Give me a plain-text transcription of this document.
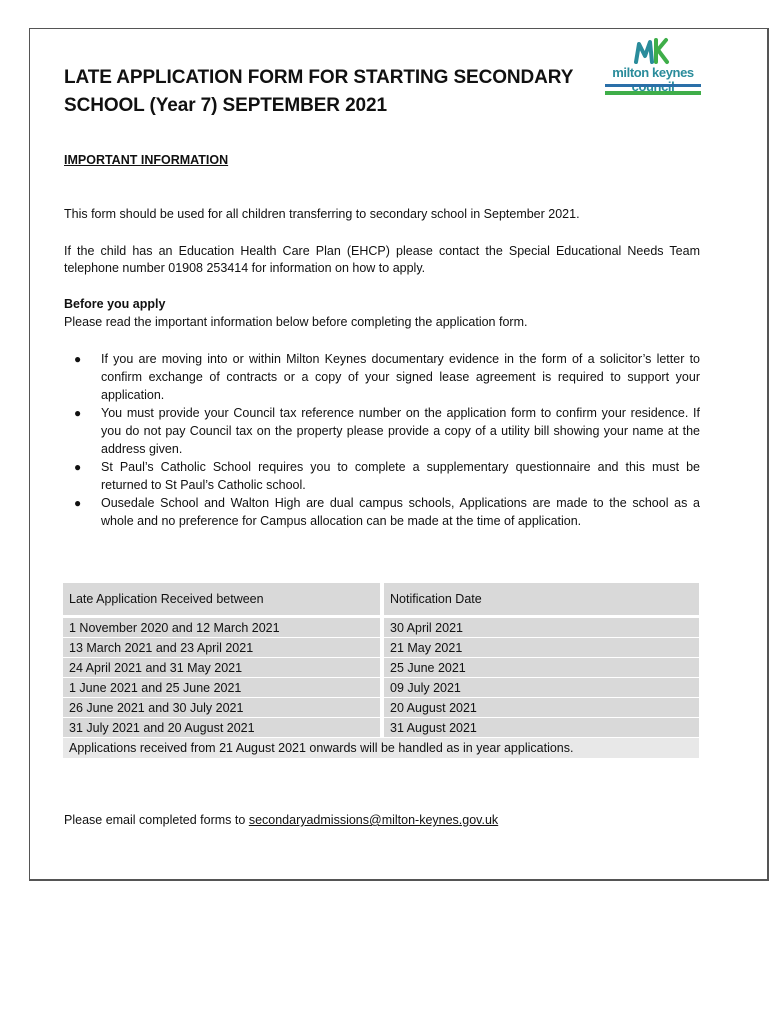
LATE APPLICATION FORM FOR STARTING SECONDARY
SCHOOL (Year 7) SEPTEMBER 2021
milton keynes

IMPORTANT INFORMATION

This form should be used for all children transferring to secondary school in September 2021.

If the child has an Education Health Care Plan (EHCP) please contact the Special Educational Needs Team telephone number 01908 253414 for information on how to apply.

Before you apply

Please read the important information below before completing the application form.

● If you are moving into or within Milton Keynes documentary evidence in the form of a solicitor’s letter to confirm exchange of contracts or a copy of your signed lease agreement is required to support your application.
● You must provide your Council tax reference number on the application form to confirm your residence. If you do not pay Council tax on the property please provide a copy of a utility bill showing your name at the address given.
● St Paul’s Catholic School requires you to complete a supplementary questionnaire and this must be returned to St Paul’s Catholic school.
● Ousedale School and Walton High are dual campus schools, Applications are made to the school as a whole and no preference for Campus allocation can be made at the time of application.
Late Application Received between		Notification Date

1 November 2020 and 12 March 2021		30 April 2021
13 March 2021 and 23 April 2021		21 May 2021
24 April 2021 and 31 May 2021		25 June 2021
1 June 2021 and 25 June 2021		09 July 2021
26 June 2021 and 30 July 2021		20 August 2021
31 July 2021 and 20 August 2021		31 August 2021
Applications received from 21 August 2021 onwards will be handled as in year applications.		

Please email completed forms to secondaryadmissions@milton-keynes.gov.uk
